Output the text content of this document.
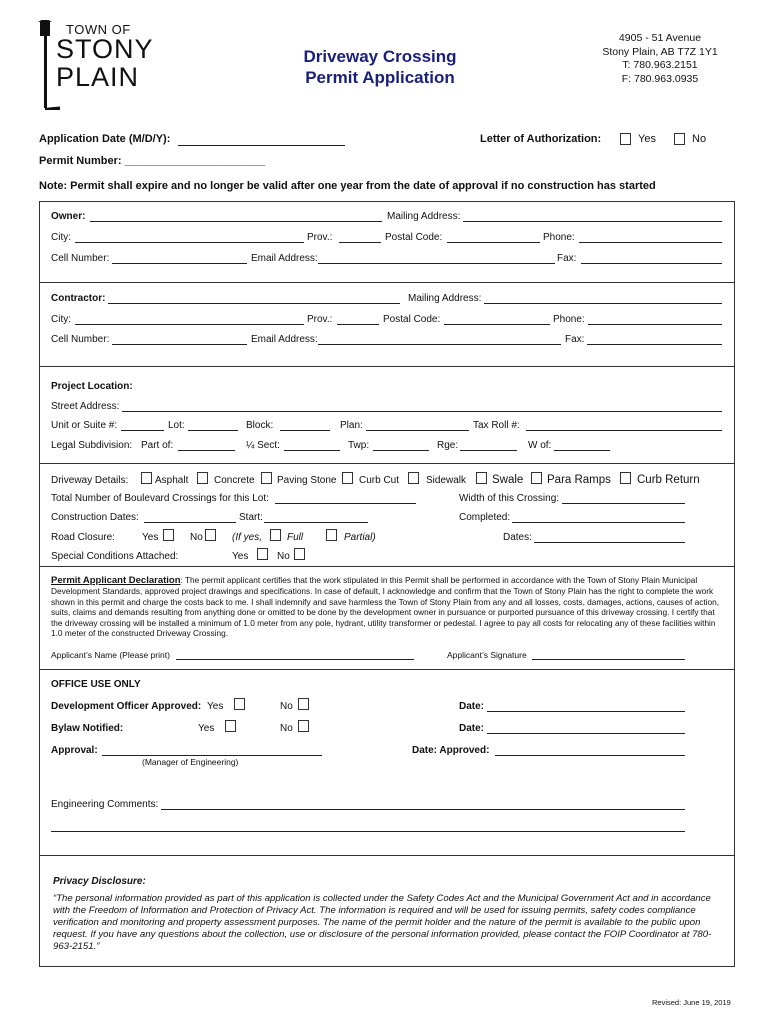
TOWN OF
STONY
PLAIN
Driveway Crossing
Permit Application
4905 - 51 Avenue
Stony Plain, AB T7Z 1Y1
T: 780.963.2151
F: 780.963.0935
Application Date (M/D/Y):	Letter of Authorization:	Yes	No
Permit Number: _______________________
Note: Permit shall expire and no longer be valid after one year from the date of approval if no construction has started
Owner:	Mailing Address:
City:	Prov.:	Postal Code:	Phone:
Cell Number:	Email Address:	Fax:
Contractor:	Mailing Address:
City:	Prov.:	Postal Code:	Phone:
Cell Number:	Email Address:	Fax:
Project Location:
Street Address:
Unit or Suite #:	Lot:	Block:	Plan:	Tax Roll #:
Legal Subdivision: Part of:	¼ Sect:	Twp:	Rge:	W of:
Driveway Details:	Asphalt	Concrete Paving Stone Curb Cut	Sidewalk Swale Para Ramps Curb Return
Total Number of Boulevard Crossings for this Lot:	Width of this Crossing:
Construction Dates:	Start:	Completed:
Road Closure:	Yes	No	(If yes, Full	Partial)	Dates:
Special Conditions Attached:	Yes	No
Permit Applicant Declaration: The permit applicant certifies that the work stipulated in this Permit shall be performed in accordance with the Town of Stony Plain Municipal Development Standards, approved project drawings and specifications. In case of default, I acknowledge and confirm that the Town of Stony Plain has the right to complete the work shown in this permit and charge the costs back to me. I shall indemnify and save harmless the Town of Stony Plain from any and all losses, costs, damages, actions, causes of action, suits, claims and demands resulting from anything done or omitted to be done by the development owner in pursuance or purported pursuance of this driveway crossing. I certify that the driveway crossing will be installed a minimum of 1.0 meter from any pole, hydrant, utility transformer or pedestal. I agree to pay all costs for relocating any of these facilities within 1.0 meter of the constructed Driveway Crossing.
Applicant’s Name (Please print)	Applicant’s Signature
OFFICE USE ONLY
Development Officer Approved: Yes	No	Date:
Bylaw Notified:	Yes	No	Date:
Approval:	Date: Approved:
(Manager of Engineering)
Engineering Comments:
Privacy Disclosure:
“The personal information provided as part of this application is collected under the Safety Codes Act and the Municipal Government Act and in accordance with the Freedom of Information and Protection of Privacy Act. The information is required and will be used for issuing permits, safety codes compliance verification and monitoring and property assessment purposes. The name of the permit holder and the nature of the permit is available to the public upon request. If you have any questions about the collection, use or disclosure of the personal information provided, please contact the FOIP Coordinator at 780-963-2151.”
Revised: June 19, 2019
